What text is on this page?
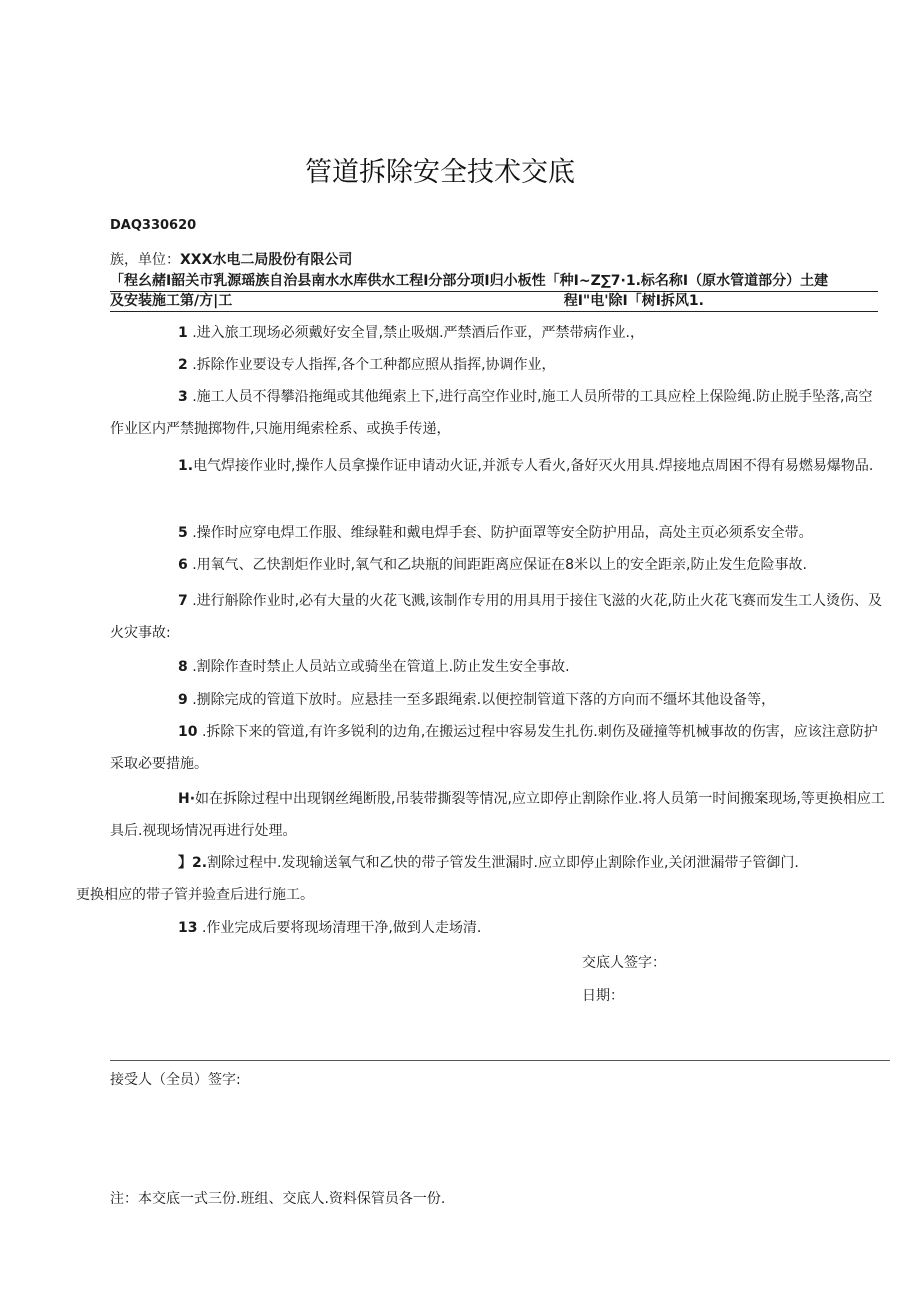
管道拆除安全技术交底
DAQ330620
族，单位：XXX水电二局股份有限公司
「程幺赭I韶关市乳源瑶族自治县南水水库供水工程I分部分项I归小板性「种I~Z∑7·1.标名称I（原水管道部分）土建
及安装施工第/方|工	程I"电'除I「树I拆风1.
1 .进入旅工现场必须戴好安全冒,禁止吸烟.严禁酒后作亚，严禁带病作业.，
2 .拆除作业要设专人指挥,各个工种都应照从指挥,协调作业，
3 .施工人员不得攀沿拖绳或其他绳索上下,进行高空作业时,施工人员所带的工具应栓上保险绳.防止脱手坠落,高空作业区内严禁抛掷物件,只施用绳索栓系、或换手传递，
1.电气焊接作业时,操作人员拿操作证申请动火证,并派专人看火,备好灭火用具.焊接地点周困不得有易燃易爆物品.
5 .操作时应穿电焊工作服、维绿鞋和戴电焊手套、防护面罩等安全防护用品，高处主页必须系安全带。
6 .用氧气、乙快割炬作业时,氧气和乙块瓶的间距距离应保证在8米以上的安全距亲,防止发生危险事故.
7 .进行斛除作业时,必有大量的火花飞溅,该制作专用的用具用于接住飞滋的火花,防止火花飞赛而发生工人烫伤、及火灾事故:
8 .割除作查时禁止人员站立或骑坐在管道上.防止发生安全事故.
9 .捌除完成的管道下放时。应悬挂一至多跟绳索.以便控制管道下落的方向而不缰坏其他设备等，
10 .拆除下来的管道,有许多锐利的边角,在搬运过程中容易发生扎伤.刺伤及碰撞等机械事故的伤害，应该注意防护采取必要措施。
H·如在拆除过程中出现钢丝绳断股,吊装带撕裂等情况,应立即停止割除作业.将人员第一时间搬案现场,等更换相应工具后.视现场情况再进行处理。
】2.割除过程中.发现输送氧气和乙快的带子管发生泄漏时.应立即停止割除作业,关闭泄漏带子管御门.
更换相应的带子管并验查后进行施工。
13 .作业完成后要将现场清理干净,做到人走场清.
交底人签字：
日期：
接受人（全员）签字:
注：本交底一式三份.班组、交底人.资料保管员各一份.
